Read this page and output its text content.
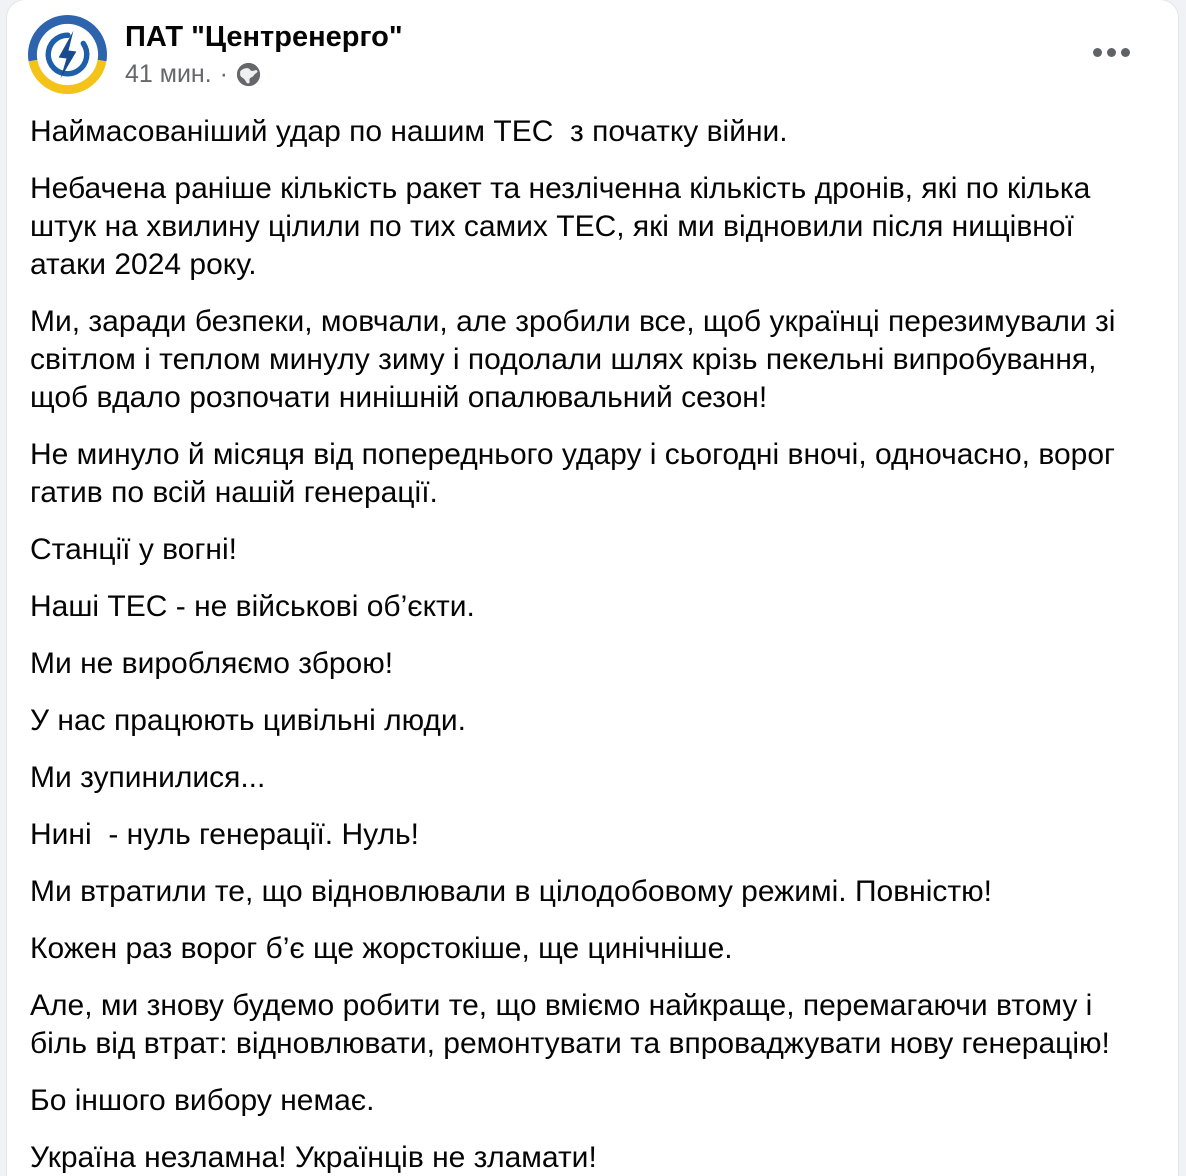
ПАТ "Центренерго"
41 мин. ·

Наймасованіший удар по нашим ТЕС  з початку війни.

Небачена раніше кількість ракет та незліченна кількість дронів, які по кілька штук на хвилину цілили по тих самих ТЕС, які ми відновили після нищівної атаки 2024 року.

Ми, заради безпеки, мовчали, але зробили все, щоб українці перезимували зі світлом і теплом минулу зиму і подолали шлях крізь пекельні випробування, щоб вдало розпочати нинішній опалювальний сезон!

Не минуло й місяця від попереднього удару і сьогодні вночі, одночасно, ворог гатив по всій нашій генерації.

Станції у вогні!

Наші ТЕС - не військові об’єкти.

Ми не виробляємо зброю!

У нас працюють цивільні люди.

Ми зупинилися...

Нині  - нуль генерації. Нуль!

Ми втратили те, що відновлювали в цілодобовому режимі. Повністю!

Кожен раз ворог б’є ще жорстокіше, ще цинічніше.

Але, ми знову будемо робити те, що вміємо найкраще, перемагаючи втому і біль від втрат: відновлювати, ремонтувати та впроваджувати нову генерацію!

Бо іншого вибору немає.

Україна незламна! Українців не зламати!
